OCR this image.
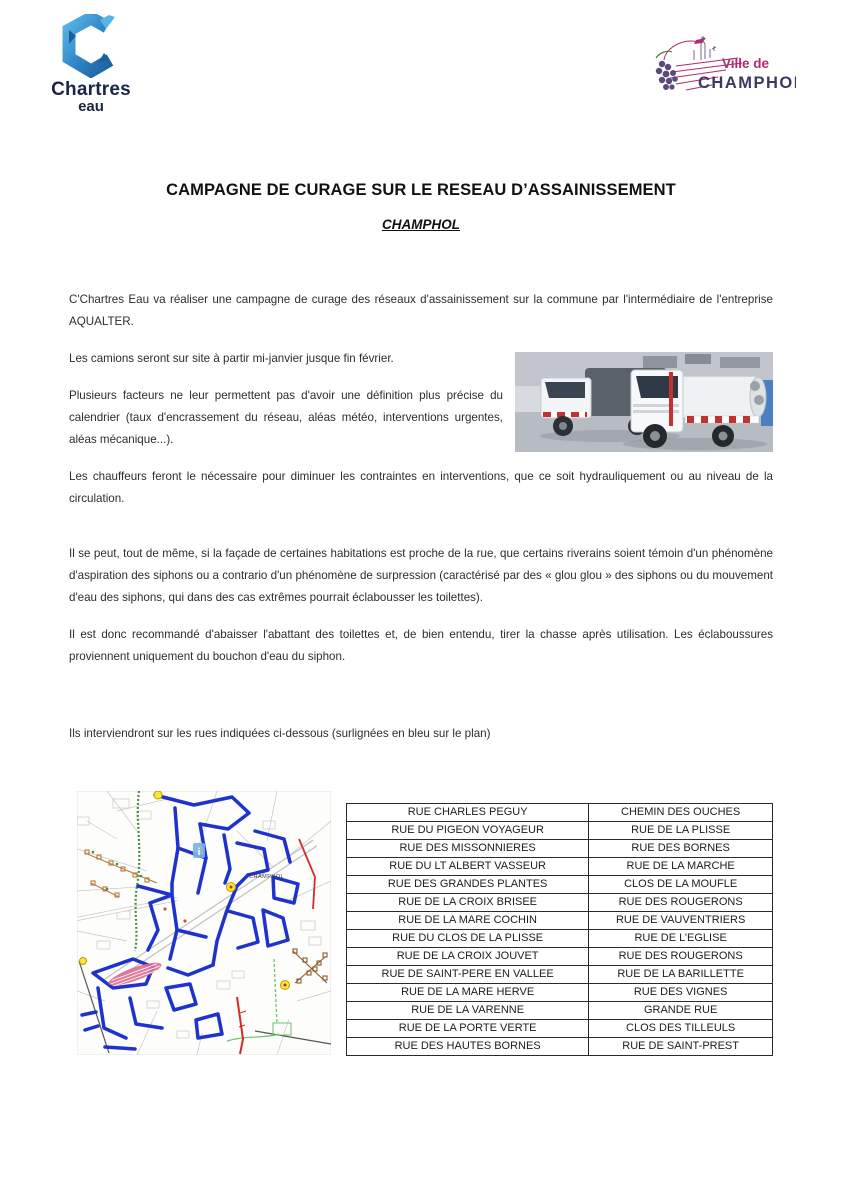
Chartres
eau
Ville de
CHAMPHOL
CAMPAGNE DE CURAGE SUR LE RESEAU D’ASSAINISSEMENT
CHAMPHOL

C'Chartres Eau va réaliser une campagne de curage des réseaux d'assainissement sur la commune par l'intermédiaire de l'entreprise AQUALTER.

Les camions seront sur site à partir mi-janvier jusque fin février.

Plusieurs facteurs ne leur permettent pas d'avoir une définition plus précise du calendrier (taux d'encrassement du réseau, aléas météo, interventions urgentes, aléas mécanique...).

Les chauffeurs feront le nécessaire pour diminuer les contraintes en interventions, que ce soit hydrauliquement ou au niveau de la circulation.

Il se peut, tout de même, si la façade de certaines habitations est proche de la rue, que certains riverains soient témoin d'un phénomène d'aspiration des siphons ou a contrario d'un phénomène de surpression (caractérisé par des « glou glou » des siphons ou du mouvement d'eau des siphons, qui dans des cas extrêmes pourrait éclabousser les toilettes).

Il est donc recommandé d'abaisser l'abattant des toilettes et, de bien entendu, tirer la chasse après utilisation. Les éclaboussures proviennent uniquement du bouchon d'eau du siphon.

Ils interviendront sur les rues indiquées ci-dessous (surlignées en bleu sur le plan)

i
CHAMPHOL
RUE CHARLES PEGUY	CHEMIN DES OUCHES
RUE DU PIGEON VOYAGEUR	RUE DE LA PLISSE
RUE DES MISSONNIERES	RUE DES BORNES
RUE DU LT ALBERT VASSEUR	RUE DE LA MARCHE
RUE DES GRANDES PLANTES	CLOS DE LA MOUFLE
RUE DE LA CROIX BRISEE	RUE DES ROUGERONS
RUE DE LA MARE COCHIN	RUE DE VAUVENTRIERS
RUE DU CLOS DE LA PLISSE	RUE DE L’EGLISE
RUE DE LA CROIX JOUVET	RUE DES ROUGERONS
RUE DE SAINT-PERE EN VALLEE	RUE DE LA BARILLETTE
RUE DE LA MARE HERVE	RUE DES VIGNES
RUE DE LA VARENNE	GRANDE RUE
RUE DE LA PORTE VERTE	CLOS DES TILLEULS
RUE DES HAUTES BORNES	RUE DE SAINT-PREST
